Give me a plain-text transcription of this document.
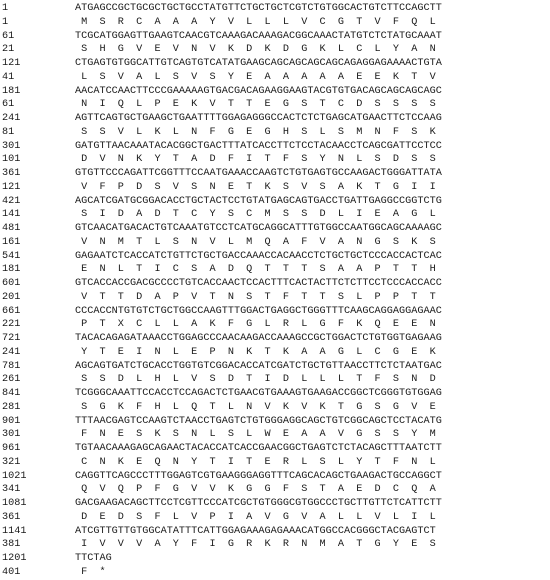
1	ATGAGCCGCTGCGCTGCTGCCTATGTTCTGCTGCTCGTCTGTGGCACTGTCTTCCAGCTT
1	M  S  R  C  A  A  A  Y  V  L  L  L  V  C  G  T  V  F  Q  L
61	TCGCATGGAGTTGAAGTCAACGTCAAAGACAAAGACGGCAAACTATGTCTCTATGCAAAT
21	S  H  G  V  E  V  N  V  K  D  K  D  G  K  L  C  L  Y  A  N
121	CTGAGTGTGGCATTGTCAGTGTCATATGAAGCAGCAGCAGCAGCAGAGGAGAAAACTGTA
41	L  S  V  A  L  S  V  S  Y  E  A  A  A  A  A  E  E  K  T  V
181	AACATCCAACTTCCCGAAAAAGTGACGACAGAAGGAAGTACGTGTGACAGCAGCAGCAGC
61	N  I  Q  L  P  E  K  V  T  T  E  G  S  T  C  D  S  S  S  S
241	AGTTCAGTGCTGAAGCTGAATTTTGGAGAGGGCCACTCTCTGAGCATGAACTTCTCCAAG
81	S  S  V  L  K  L  N  F  G  E  G  H  S  L  S  M  N  F  S  K
301	GATGTTAACAAATACACGGCTGACTTTATCACCTTCTCCTACAACCTCAGCGATTCCTCC
101	D  V  N  K  Y  T  A  D  F  I  T  F  S  Y  N  L  S  D  S  S
361	GTGTTCCCAGATTCGGTTTCCAATGAAACCAAGTCTGTGAGTGCCAAGACTGGGATTATA
121	V  F  P  D  S  V  S  N  E  T  K  S  V  S  A  K  T  G  I  I
421	AGCATCGATGCGGACACCTGCTACTCCTGTATGAGCAGTGACCTGATTGAGGCCGGTCTG
141	S  I  D  A  D  T  C  Y  S  C  M  S  S  D  L  I  E  A  G  L
481	GTCAACATGACACTGTCAAATGTCCTCATGCAGGCATTTGTGGCCAATGGCAGCAAAAGC
161	V  N  M  T  L  S  N  V  L  M  Q  A  F  V  A  N  G  S  K  S
541	GAGAATCTCACCATCTGTTCTGCTGACCAAACCACAACCTCTGCTGCTCCCACCACTCAC
181	E  N  L  T  I  C  S  A  D  Q  T  T  T  S  A  A  P  T  T  H
601	GTCACCACCGACGCCCCTGTCACCAACTCCACTTTCACTACTTCTCTTCCTCCCACCACC
201	V  T  T  D  A  P  V  T  N  S  T  F  T  T  S  L  P  P  T  T
661	CCCACCNTGTGTCTGCTGGCCAAGTTTGGACTGAGGCTGGGTTTCAAGCAGGAGGAGAAC
221	P  T  X  C  L  L  A  K  F  G  L  R  L  G  F  K  Q  E  E  N
721	TACACAGAGATAAACCTGGAGCCCAACAAGACCAAAGCCGCTGGACTCTGTGGTGAGAAG
241	Y  T  E  I  N  L  E  P  N  K  T  K  A  A  G  L  C  G  E  K
781	AGCAGTGATCTGCACCTGGTGTCGGACACCATCGATCTGCTGTTAACCTTCTCTAATGAC
261	S  S  D  L  H  L  V  S  D  T  I  D  L  L  L  T  F  S  N  D
841	TCGGGCAAATTCCACCTCCAGACTCTGAACGTGAAAGTGAAGACCGGCTCGGGTGTGGAG
281	S  G  K  F  H  L  Q  T  L  N  V  K  V  K  T  G  S  G  V  E
901	TTTAACGAGTCCAAGTCTAACCTGAGTCTGTGGGAGGCAGCTGTCGGCAGCTCCTACATG
301	F  N  E  S  K  S  N  L  S  L  W  E  A  A  V  G  S  S  Y  M
961	TGTAACAAAGAGCAGAACTACACCATCACCGAACGGCTGAGTCTCTACAGCTTTAATCTT
321	C  N  K  E  Q  N  Y  T  I  T  E  R  L  S  L  Y  T  F  N  L
1021	CAGGTTCAGCCCTTTGGAGTCGTGAAGGGAGGTTTCAGCACAGCTGAAGACTGCCAGGCT
341	Q  V  Q  P  F  G  V  V  K  G  G  F  S  T  A  E  D  C  Q  A
1081	GACGAAGACAGCTTCCTCGTTCCCATCGCTGTGGGCGTGGCCCTGCTTGTTCTCATTCTT
361	D  E  D  S  F  L  V  P  I  A  V  G  V  A  L  L  V  L  I  L
1141	ATCGTTGTTGTGGCATATTTCATTGGAGAAAGAGAAACATGGCCACGGGCTACGAGTCT
381	I  V  V  V  A  Y  F  I  G  R  K  R  N  M  A  T  G  Y  E  S
1201	TTCTAG
401	F  *
